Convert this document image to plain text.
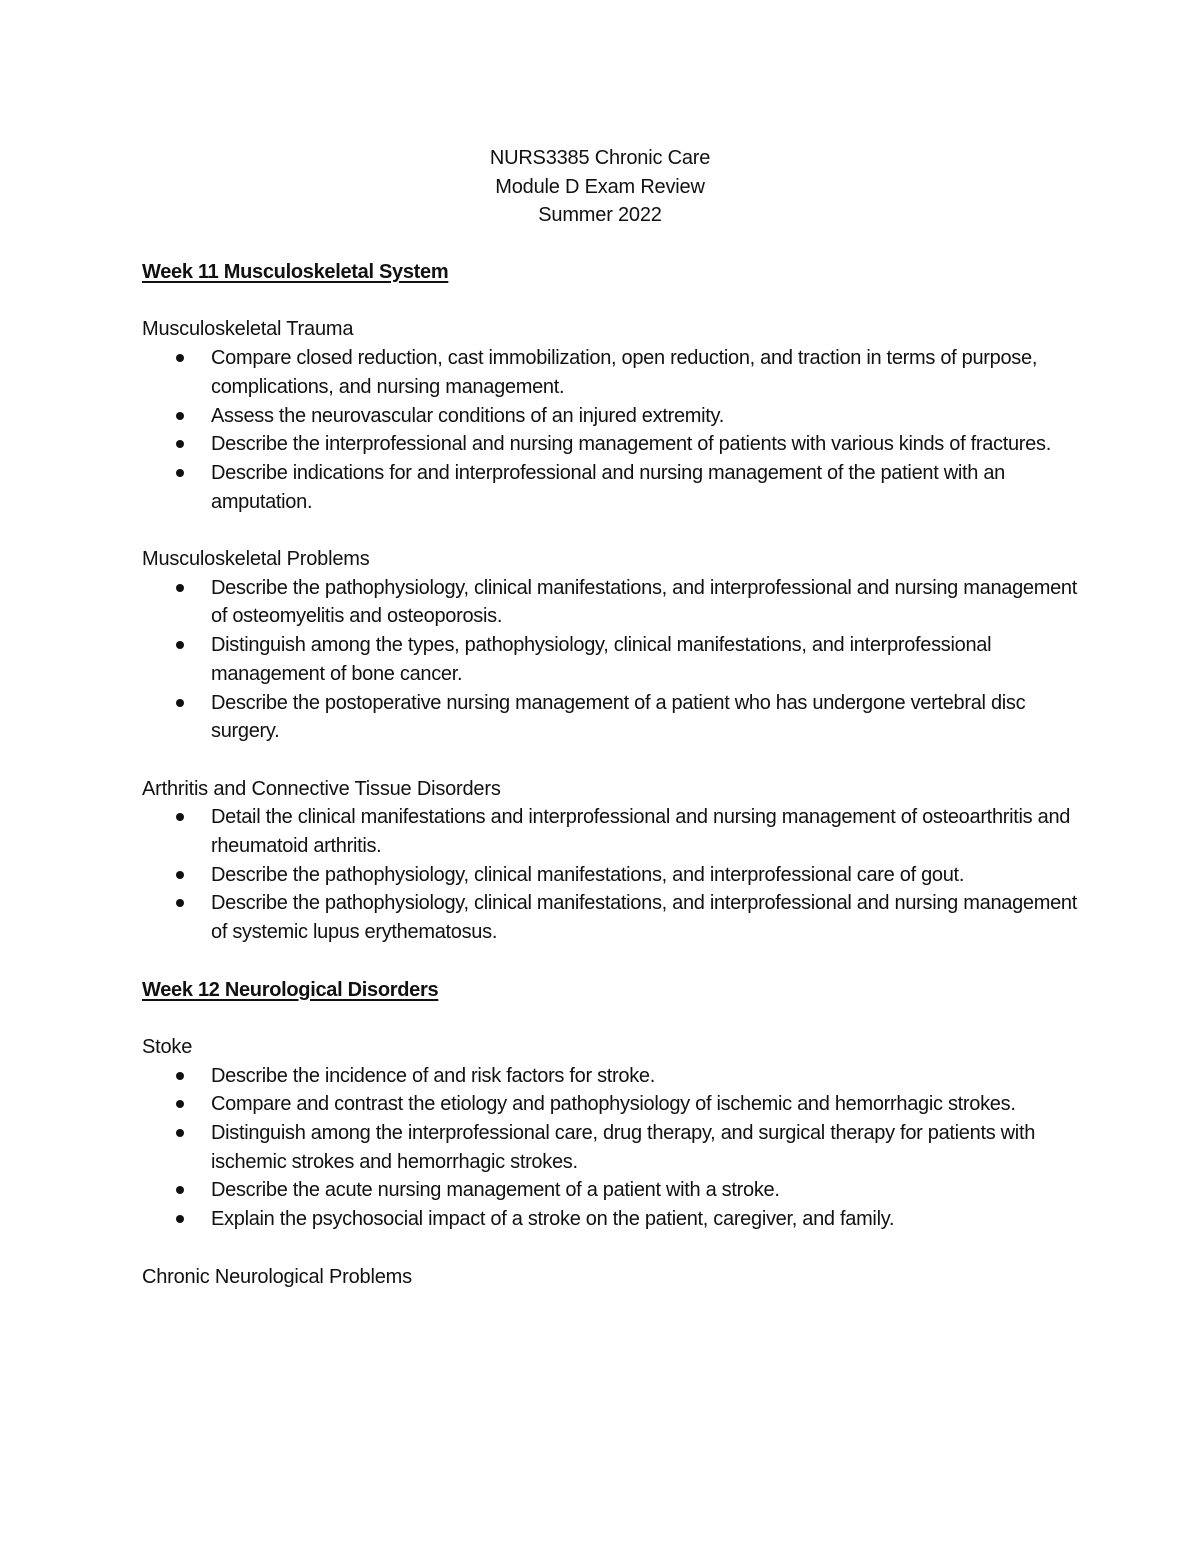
NURS3385 Chronic Care
Module D Exam Review
Summer 2022
Week 11 Musculoskeletal System
Musculoskeletal Trauma
Compare closed reduction, cast immobilization, open reduction, and traction in terms of purpose, complications, and nursing management.
Assess the neurovascular conditions of an injured extremity.
Describe the interprofessional and nursing management of patients with various kinds of fractures.
Describe indications for and interprofessional and nursing management of the patient with an amputation.
Musculoskeletal Problems
Describe the pathophysiology, clinical manifestations, and interprofessional and nursing management of osteomyelitis and osteoporosis.
Distinguish among the types, pathophysiology, clinical manifestations, and interprofessional management of bone cancer.
Describe the postoperative nursing management of a patient who has undergone vertebral disc surgery.
Arthritis and Connective Tissue Disorders
Detail the clinical manifestations and interprofessional and nursing management of osteoarthritis and rheumatoid arthritis.
Describe the pathophysiology, clinical manifestations, and interprofessional care of gout.
Describe the pathophysiology, clinical manifestations, and interprofessional and nursing management of systemic lupus erythematosus.
Week 12 Neurological Disorders
Stoke
Describe the incidence of and risk factors for stroke.
Compare and contrast the etiology and pathophysiology of ischemic and hemorrhagic strokes.
Distinguish among the interprofessional care, drug therapy, and surgical therapy for patients with ischemic strokes and hemorrhagic strokes.
Describe the acute nursing management of a patient with a stroke.
Explain the psychosocial impact of a stroke on the patient, caregiver, and family.
Chronic Neurological Problems
